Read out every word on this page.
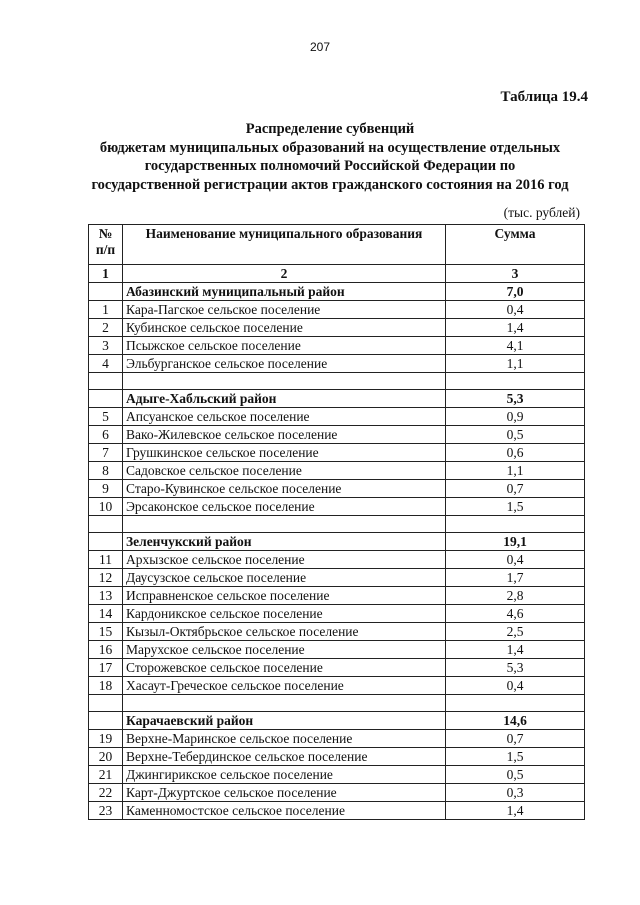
207
Таблица 19.4
Распределение субвенций
бюджетам муниципальных образований на осуществление отдельных
государственных полномочий Российской Федерации по
государственной регистрации актов гражданского состояния на 2016 год
(тыс. рублей)
№ п/п	Наименование муниципального образования	Сумма
1	2	3
	Абазинский муниципальный район	7,0
1	Кара-Пагское сельское поселение	0,4
2	Кубинское сельское поселение	1,4
3	Псыжское сельское поселение	4,1
4	Эльбурганское сельское поселение	1,1

	Адыге-Хабльский район	5,3
5	Апсуанское сельское поселение	0,9
6	Вако-Жилевское сельское поселение	0,5
7	Грушкинское сельское поселение	0,6
8	Садовское сельское поселение	1,1
9	Старо-Кувинское сельское поселение	0,7
10	Эрсаконское сельское поселение	1,5

	Зеленчукский район	19,1
11	Архызское сельское поселение	0,4
12	Даусузское сельское поселение	1,7
13	Исправненское сельское поселение	2,8
14	Кардоникское сельское поселение	4,6
15	Кызыл-Октябрьское сельское поселение	2,5
16	Марухское сельское поселение	1,4
17	Сторожевское сельское поселение	5,3
18	Хасаут-Греческое сельское поселение	0,4

	Карачаевский район	14,6
19	Верхне-Маринское сельское поселение	0,7
20	Верхне-Тебердинское сельское поселение	1,5
21	Джингирикское сельское поселение	0,5
22	Карт-Джуртское сельское поселение	0,3
23	Каменномостское сельское поселение	1,4
